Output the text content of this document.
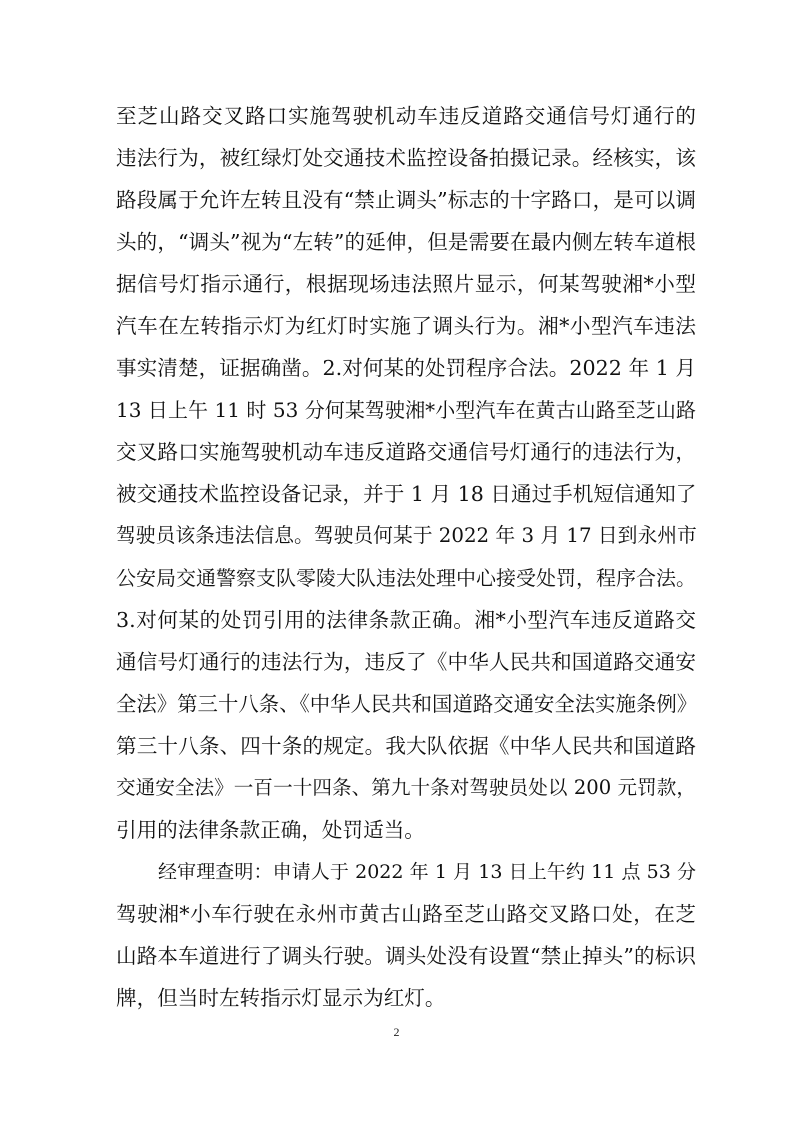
至芝山路交叉路口实施驾驶机动车违反道路交通信号灯通行的
违法行为，被红绿灯处交通技术监控设备拍摄记录。经核实，该
路段属于允许左转且没有“禁止调头”标志的十字路口，是可以调
头的，“调头”视为“左转”的延伸，但是需要在最内侧左转车道根
据信号灯指示通行，根据现场违法照片显示，何某驾驶湘*小型
汽车在左转指示灯为红灯时实施了调头行为。湘*小型汽车违法
事实清楚，证据确凿。2.对何某的处罚程序合法。2022 年 1 月
13 日上午 11 时 53 分何某驾驶湘*小型汽车在黄古山路至芝山路
交叉路口实施驾驶机动车违反道路交通信号灯通行的违法行为，
被交通技术监控设备记录，并于 1 月 18 日通过手机短信通知了
驾驶员该条违法信息。驾驶员何某于 2022 年 3 月 17 日到永州市
公安局交通警察支队零陵大队违法处理中心接受处罚，程序合法。
3.对何某的处罚引用的法律条款正确。湘*小型汽车违反道路交
通信号灯通行的违法行为，违反了《中华人民共和国道路交通安
全法》第三十八条、《中华人民共和国道路交通安全法实施条例》
第三十八条、四十条的规定。我大队依据《中华人民共和国道路
交通安全法》一百一十四条、第九十条对驾驶员处以 200 元罚款，
引用的法律条款正确，处罚适当。
经审理查明：申请人于 2022 年 1 月 13 日上午约 11 点 53 分
驾驶湘*小车行驶在永州市黄古山路至芝山路交叉路口处，在芝
山路本车道进行了调头行驶。调头处没有设置“禁止掉头”的标识
牌，但当时左转指示灯显示为红灯。
2
